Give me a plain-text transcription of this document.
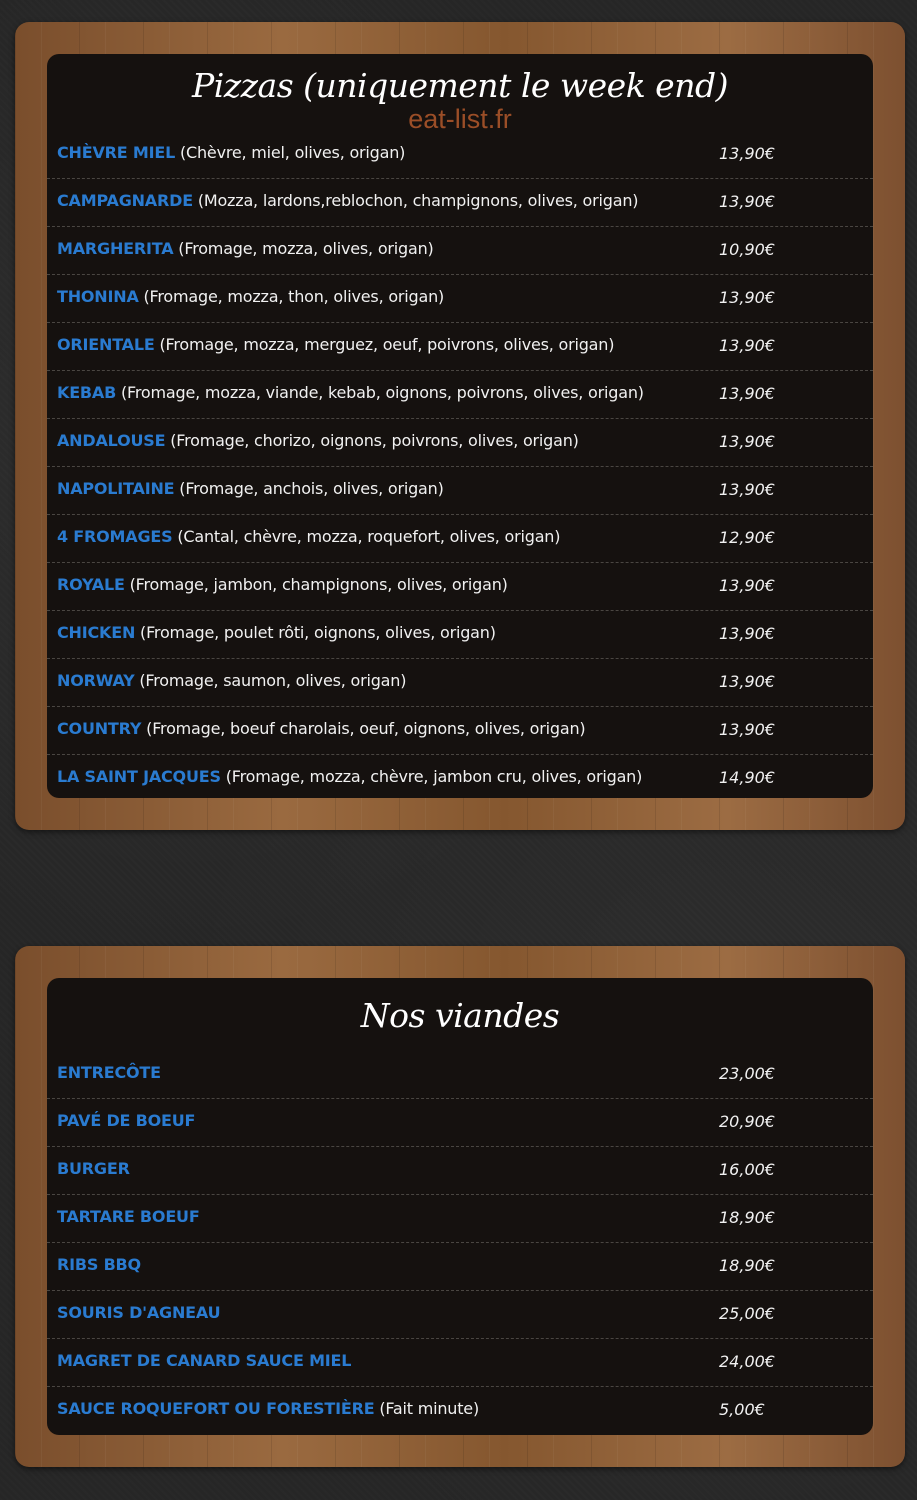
Pizzas (uniquement le week end)
eat-list.fr
CHÈVRE MIEL (Chèvre, miel, olives, origan)	13,90€
CAMPAGNARDE (Mozza, lardons,reblochon, champignons, olives, origan)	13,90€
MARGHERITA (Fromage, mozza, olives, origan)	10,90€
THONINA (Fromage, mozza, thon, olives, origan)	13,90€
ORIENTALE (Fromage, mozza, merguez, oeuf, poivrons, olives, origan)	13,90€
KEBAB (Fromage, mozza, viande, kebab, oignons, poivrons, olives, origan)	13,90€
ANDALOUSE (Fromage, chorizo, oignons, poivrons, olives, origan)	13,90€
NAPOLITAINE (Fromage, anchois, olives, origan)	13,90€
4 FROMAGES (Cantal, chèvre, mozza, roquefort, olives, origan)	12,90€
ROYALE (Fromage, jambon, champignons, olives, origan)	13,90€
CHICKEN (Fromage, poulet rôti, oignons, olives, origan)	13,90€
NORWAY (Fromage, saumon, olives, origan)	13,90€
COUNTRY (Fromage, boeuf charolais, oeuf, oignons, olives, origan)	13,90€
LA SAINT JACQUES (Fromage, mozza, chèvre, jambon cru, olives, origan)	14,90€
Nos viandes
ENTRECÔTE	23,00€
PAVÉ DE BOEUF	20,90€
BURGER	16,00€
TARTARE BOEUF	18,90€
RIBS BBQ	18,90€
SOURIS D'AGNEAU	25,00€
MAGRET DE CANARD SAUCE MIEL	24,00€
SAUCE ROQUEFORT OU FORESTIÈRE (Fait minute)	5,00€
